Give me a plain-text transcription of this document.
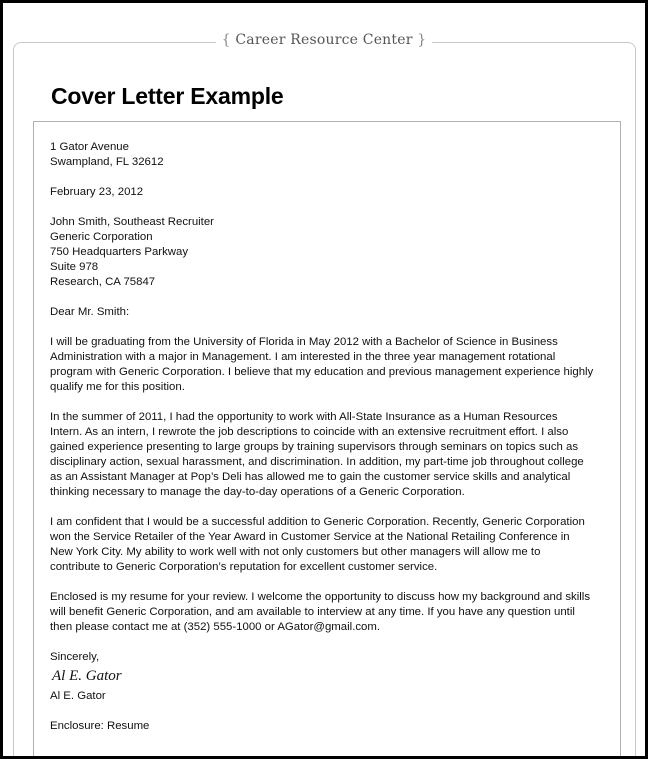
{ Career Resource Center }
Cover Letter Example

1 Gator Avenue
Swampland, FL 32612

February 23, 2012

John Smith, Southeast Recruiter
Generic Corporation
750 Headquarters Parkway
Suite 978
Research, CA 75847

Dear Mr. Smith:

I will be graduating from the University of Florida in May 2012 with a Bachelor of Science in Business
Administration with a major in Management. I am interested in the three year management rotational
program with Generic Corporation. I believe that my education and previous management experience highly
qualify me for this position.

In the summer of 2011, I had the opportunity to work with All-State Insurance as a Human Resources
Intern. As an intern, I rewrote the job descriptions to coincide with an extensive recruitment effort. I also
gained experience presenting to large groups by training supervisors through seminars on topics such as
disciplinary action, sexual harassment, and discrimination. In addition, my part-time job throughout college
as an Assistant Manager at Pop’s Deli has allowed me to gain the customer service skills and analytical
thinking necessary to manage the day-to-day operations of a Generic Corporation.

I am confident that I would be a successful addition to Generic Corporation. Recently, Generic Corporation
won the Service Retailer of the Year Award in Customer Service at the National Retailing Conference in
New York City. My ability to work well with not only customers but other managers will allow me to
contribute to Generic Corporation’s reputation for excellent customer service.

Enclosed is my resume for your review. I welcome the opportunity to discuss how my background and skills
will benefit Generic Corporation, and am available to interview at any time. If you have any question until
then please contact me at (352) 555-1000 or AGator@gmail.com.

Sincerely,
Al E. Gator
Al E. Gator

Enclosure: Resume
